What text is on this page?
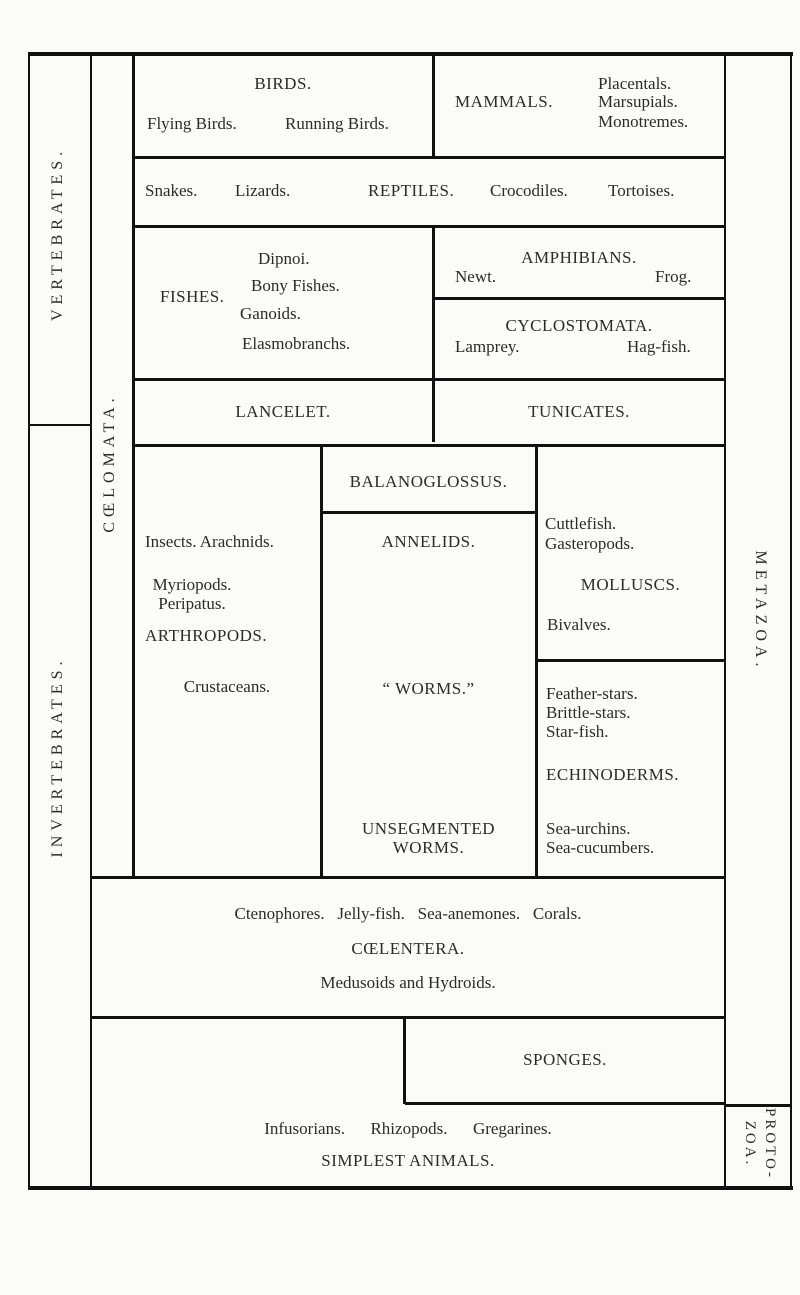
VERTEBRATES.
INVERTEBRATES.
CŒLOMATA.
METAZOA.
PROTO-
ZOA.
BIRDS.
Flying Birds.	Running Birds.
MAMMALS.
Placentals.
Marsupials.
Monotremes.
Snakes. Lizards.	REPTILES. Crocodiles. Tortoises.
Dipnoi.
FISHES.
Bony Fishes.
Ganoids.
Elasmobranchs.
AMPHIBIANS.
Newt.	Frog.
CYCLOSTOMATA.
Lamprey.	Hag-fish.
LANCELET.	TUNICATES.
Insects. Arachnids.
Myriopods.
Peripatus.
ARTHROPODS.
Crustaceans.
BALANOGLOSSUS.
ANNELIDS.
“ WORMS.”
UNSEGMENTED
WORMS.
Cuttlefish.
Gasteropods.
MOLLUSCS.
Bivalves.
Feather-stars.
Brittle-stars.
Star-fish.
ECHINODERMS.
Sea-urchins.
Sea-cucumbers.
Ctenophores.   Jelly-fish.   Sea-anemones.   Corals.
CŒLENTERA.
Medusoids and Hydroids.
SPONGES.
Infusorians.      Rhizopods.      Gregarines.
SIMPLEST ANIMALS.
